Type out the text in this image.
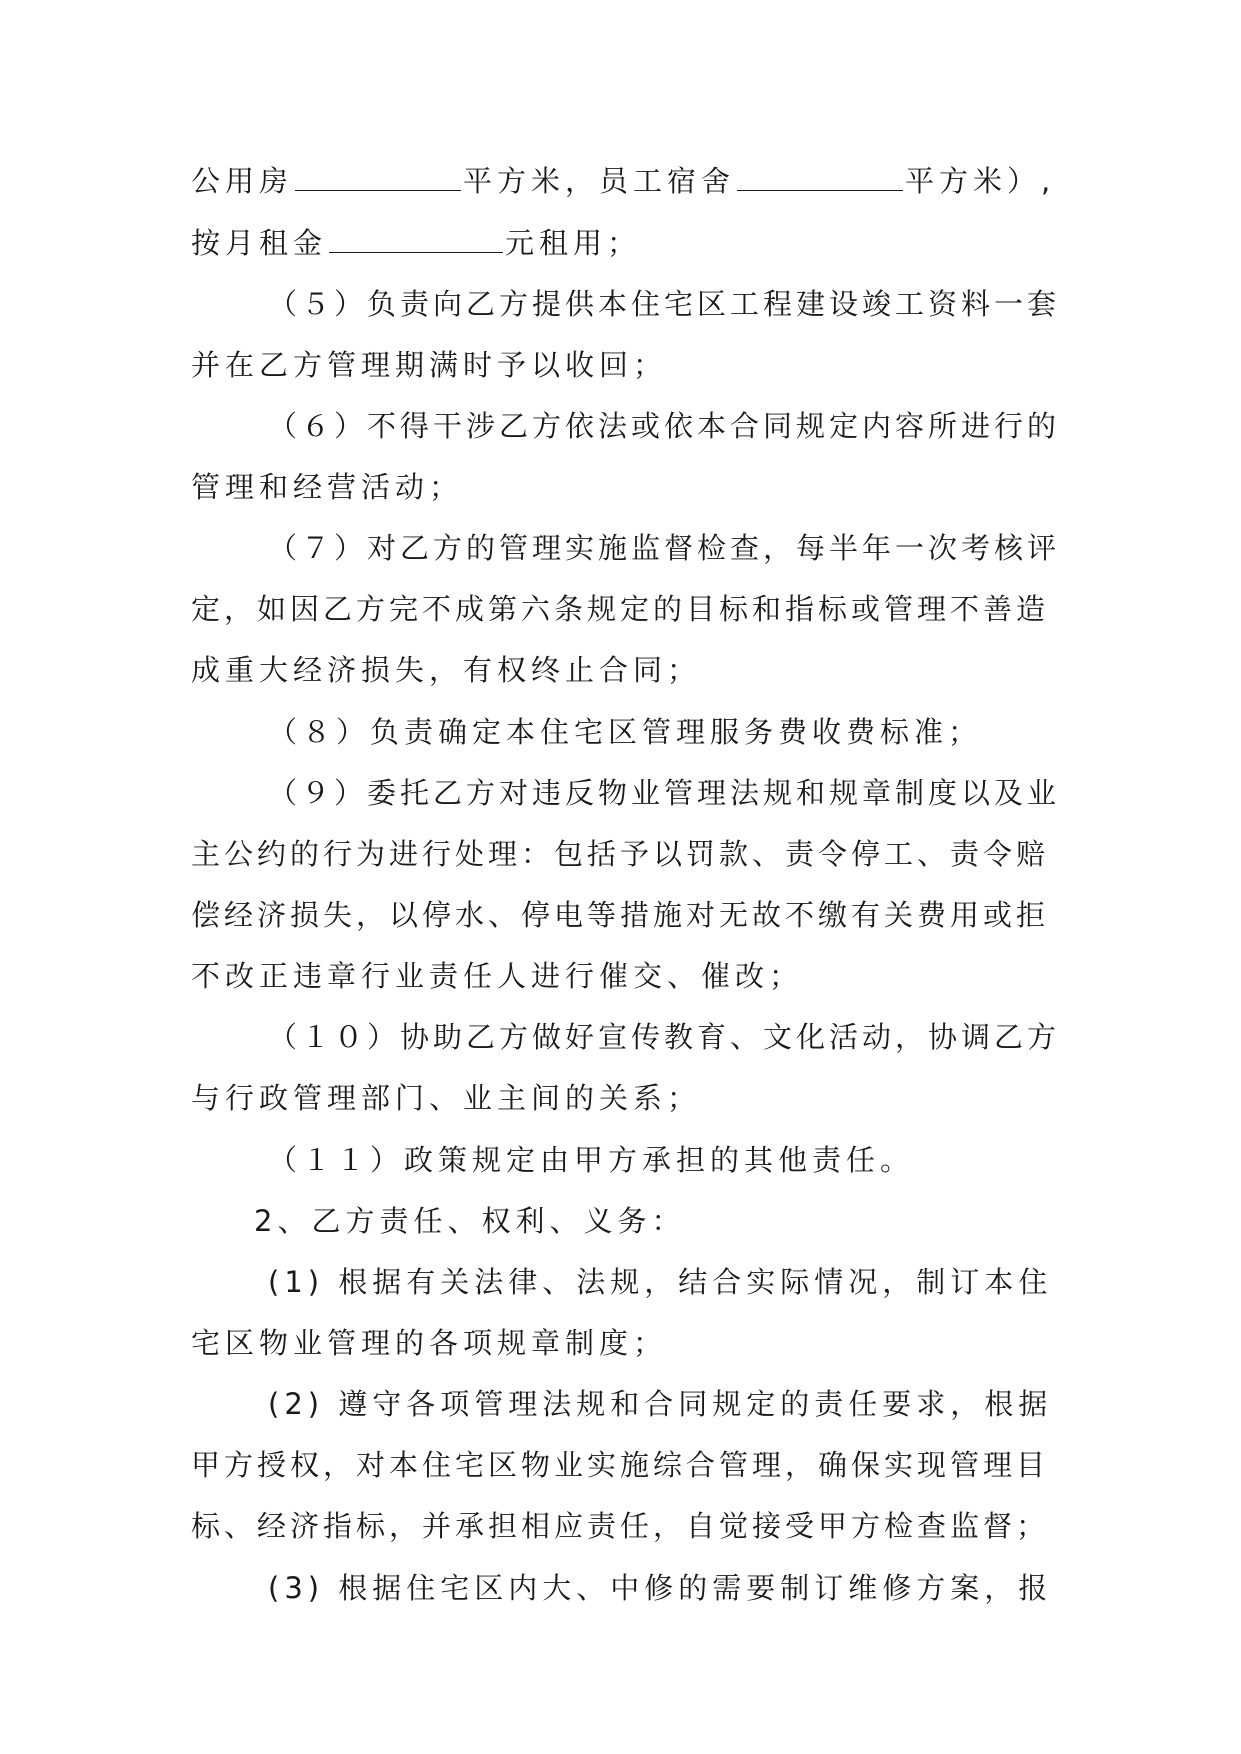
公用房	平方米，员工宿舍	平方米）,
按月租金	元租用；
（５）负责向乙方提供本住宅区工程建设竣工资料一套
并在乙方管理期满时予以收回；
（６）不得干涉乙方依法或依本合同规定内容所进行的
管理和经营活动；
（７）对乙方的管理实施监督检查，每半年一次考核评
定，如因乙方完不成第六条规定的目标和指标或管理不善造
成重大经济损失，有权终止合同；
（８）负责确定本住宅区管理服务费收费标准；
（９）委托乙方对违反物业管理法规和规章制度以及业
主公约的行为进行处理：包括予以罚款、责令停工、责令赔
偿经济损失，以停水、停电等措施对无故不缴有关费用或拒
不改正违章行业责任人进行催交、催改；
（１０）协助乙方做好宣传教育、文化活动，协调乙方
与行政管理部门、业主间的关系；
（１１）政策规定由甲方承担的其他责任。
2、乙方责任、权利、义务：
(1) 根据有关法律、法规，结合实际情况，制订本住
宅区物业管理的各项规章制度；
(2) 遵守各项管理法规和合同规定的责任要求，根据
甲方授权，对本住宅区物业实施综合管理，确保实现管理目
标、经济指标，并承担相应责任，自觉接受甲方检查监督；
(3) 根据住宅区内大、中修的需要制订维修方案，报
